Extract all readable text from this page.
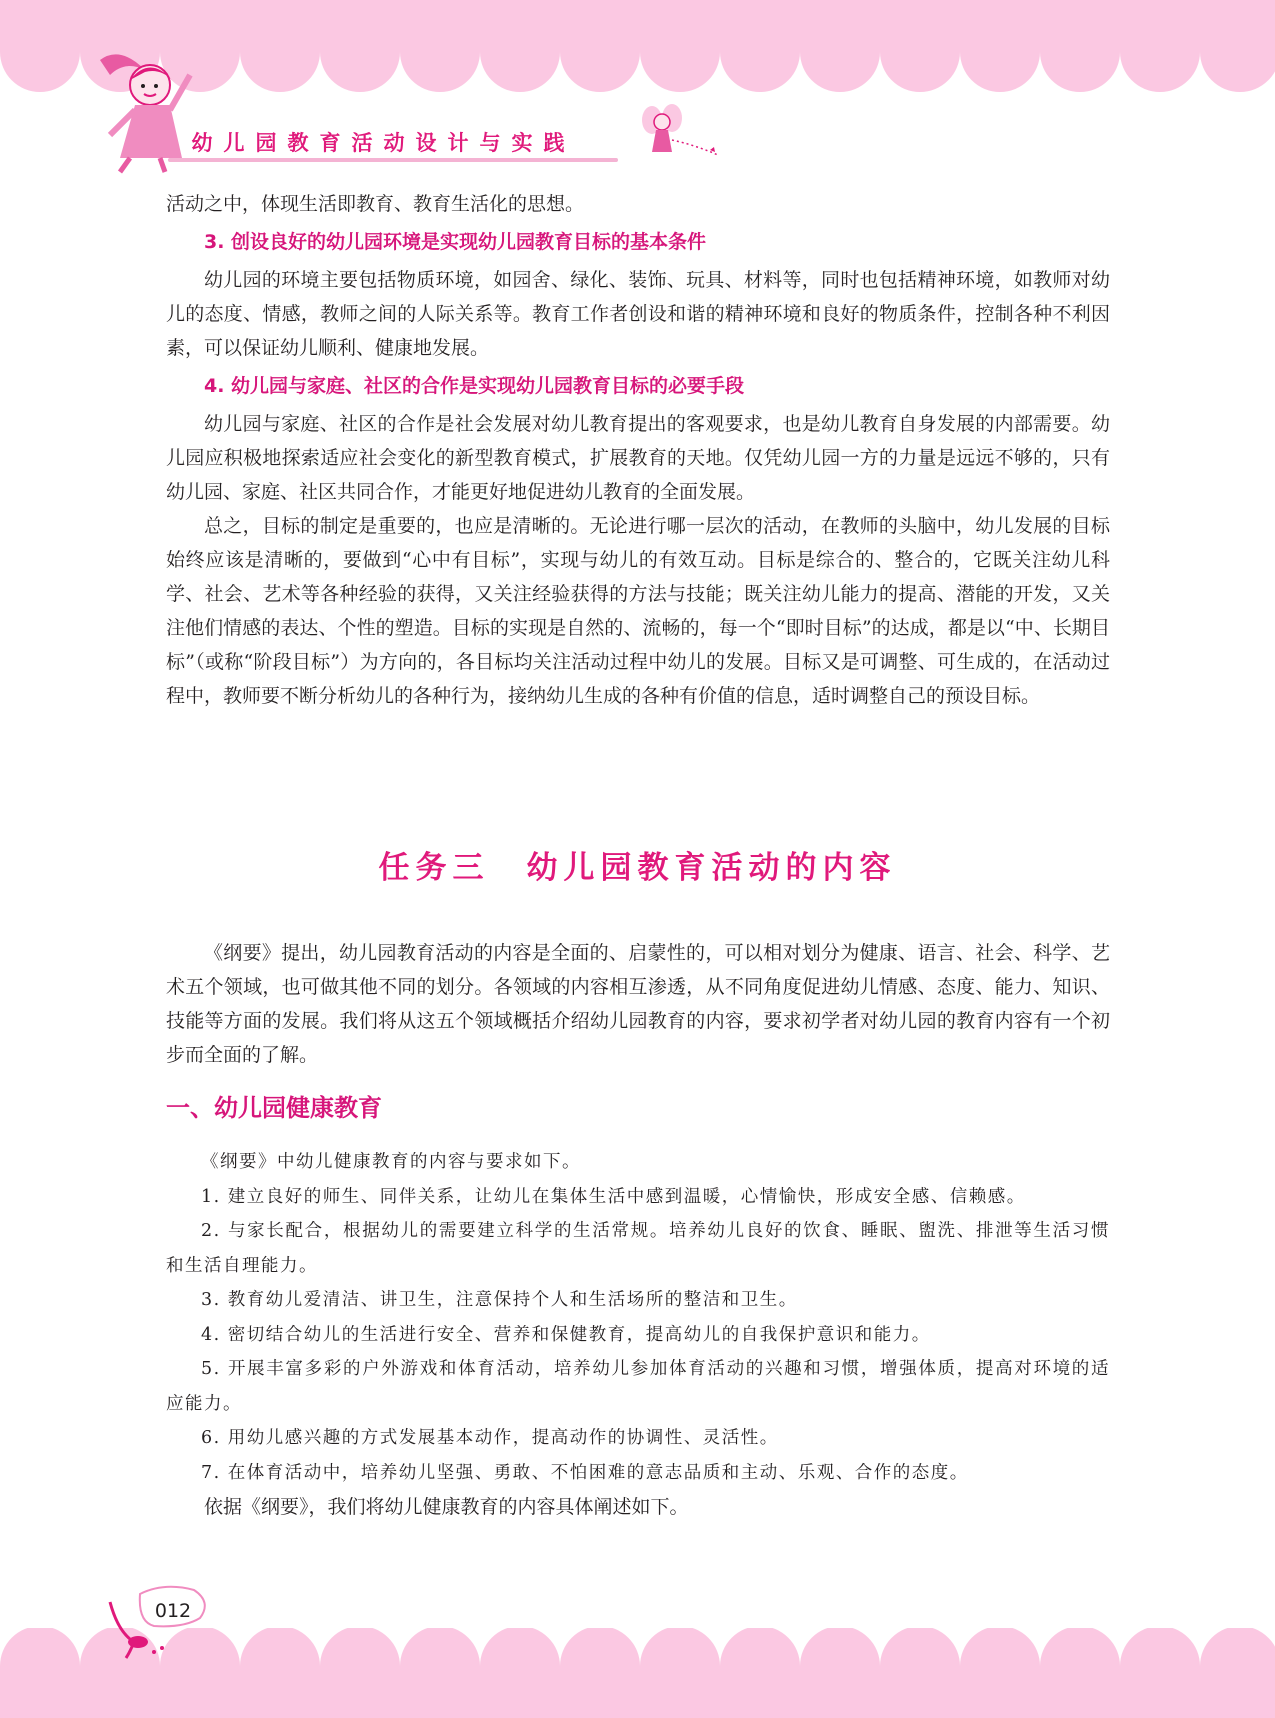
幼 儿 园 教 育 活 动 设 计 与 实 践

活动之中，体现生活即教育、教育生活化的思想。

3. 创设良好的幼儿园环境是实现幼儿园教育目标的基本条件

幼儿园的环境主要包括物质环境，如园舍、绿化、装饰、玩具、材料等，同时也包括精神环境，如教师对幼儿的态度、情感，教师之间的人际关系等。教育工作者创设和谐的精神环境和良好的物质条件，控制各种不利因素，可以保证幼儿顺利、健康地发展。

4. 幼儿园与家庭、社区的合作是实现幼儿园教育目标的必要手段

幼儿园与家庭、社区的合作是社会发展对幼儿教育提出的客观要求，也是幼儿教育自身发展的内部需要。幼儿园应积极地探索适应社会变化的新型教育模式，扩展教育的天地。仅凭幼儿园一方的力量是远远不够的，只有幼儿园、家庭、社区共同合作，才能更好地促进幼儿教育的全面发展。

总之，目标的制定是重要的，也应是清晰的。无论进行哪一层次的活动，在教师的头脑中，幼儿发展的目标始终应该是清晰的，要做到“心中有目标”，实现与幼儿的有效互动。目标是综合的、整合的，它既关注幼儿科学、社会、艺术等各种经验的获得，又关注经验获得的方法与技能；既关注幼儿能力的提高、潜能的开发，又关注他们情感的表达、个性的塑造。目标的实现是自然的、流畅的，每一个“即时目标”的达成，都是以“中、长期目标”（或称“阶段目标”）为方向的，各目标均关注活动过程中幼儿的发展。目标又是可调整、可生成的，在活动过程中，教师要不断分析幼儿的各种行为，接纳幼儿生成的各种有价值的信息，适时调整自己的预设目标。

任务三　幼儿园教育活动的内容

《纲要》提出，幼儿园教育活动的内容是全面的、启蒙性的，可以相对划分为健康、语言、社会、科学、艺术五个领域，也可做其他不同的划分。各领域的内容相互渗透，从不同角度促进幼儿情感、态度、能力、知识、技能等方面的发展。我们将从这五个领域概括介绍幼儿园教育的内容，要求初学者对幼儿园的教育内容有一个初步而全面的了解。

一、幼儿园健康教育

《纲要》中幼儿健康教育的内容与要求如下。

1. 建立良好的师生、同伴关系，让幼儿在集体生活中感到温暖，心情愉快，形成安全感、信赖感。

2. 与家长配合，根据幼儿的需要建立科学的生活常规。培养幼儿良好的饮食、睡眠、盥洗、排泄等生活习惯和生活自理能力。

3. 教育幼儿爱清洁、讲卫生，注意保持个人和生活场所的整洁和卫生。

4. 密切结合幼儿的生活进行安全、营养和保健教育，提高幼儿的自我保护意识和能力。

5. 开展丰富多彩的户外游戏和体育活动，培养幼儿参加体育活动的兴趣和习惯，增强体质，提高对环境的适应能力。

6. 用幼儿感兴趣的方式发展基本动作，提高动作的协调性、灵活性。

7. 在体育活动中，培养幼儿坚强、勇敢、不怕困难的意志品质和主动、乐观、合作的态度。

依据《纲要》，我们将幼儿健康教育的内容具体阐述如下。

012
